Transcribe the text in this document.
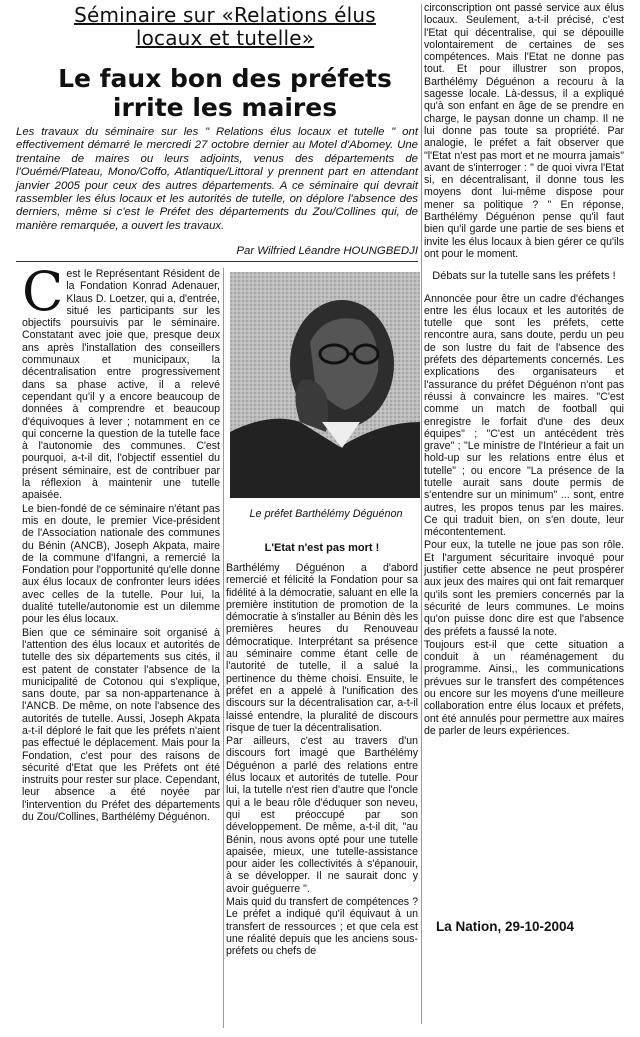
Séminaire sur «Relations élus
locaux et tutelle»
Le faux bon des préfets
irrite les maires

Les travaux du séminaire sur les " Relations élus locaux et tutelle " ont effectivement démarré le mercredi 27 octobre dernier au Motel d'Abomey. Une trentaine de maires ou leurs adjoints, venus des départements de l'Ouémé/Plateau, Mono/Coffo, Atlantique/Littoral y prennent part en attendant janvier 2005 pour ceux des autres départements. A ce séminaire qui devrait rassembler les élus locaux et les autorités de tutelle, on déplore l'absence des derniers, même si c'est le Préfet des départements du Zou/Collines qui, de manière remarquée, a ouvert les travaux.

Par Wilfried Léandre HOUNGBEDJI

Cest le Représentant Résident de la Fondation Konrad Adenauer, Klaus D. Loetzer, qui a, d'entrée, situé les participants sur les objectifs poursuivis par le séminaire. Constatant avec joie que, presque deux ans après l'installation des conseillers communaux et municipaux, la décentralisation entre progressivement dans sa phase active, il a relevé cependant qu'il y a encore beaucoup de données à comprendre et beaucoup d'équivoques à lever ; notamment en ce qui concerne la question de la tutelle face à l'autonomie des communes. C'est pourquoi, a-t-il dit, l'objectif essentiel du présent séminaire, est de contribuer par la réflexion à maintenir une tutelle apaisée.

Le bien-fondé de ce séminaire n'étant pas mis en doute, le premier Vice-président de l'Association nationale des communes du Bénin (ANCB), Joseph Akpata, maire de la commune d'Ifangni, a remercié la Fondation pour l'opportunité qu'elle donne aux élus locaux de confronter leurs idées avec celles de la tutelle. Pour lui, la dualité tutelle/autonomie est un dilemme pour les élus locaux.

Bien que ce séminaire soit organisé à l'attention des élus locaux et autorités de tutelle des six départements sus cités, il est patent de constater l'absence de la municipalité de Cotonou qui s'explique, sans doute, par sa non-appartenance à l'ANCB. De même, on note l'absence des autorités de tutelle. Aussi, Joseph Akpata a-t-il déploré le fait que les préfets n'aient pas effectué le déplacement. Mais pour la Fondation, c'est pour des raisons de sécurité d'Etat que les Préfets ont été instruits pour rester sur place. Cependant, leur absence a été noyée par l'intervention du Préfet des départements du Zou/Collines, Barthélémy Déguénon.

Le préfet Barthélémy Déguénon
L'Etat n'est pas mort !

Barthélémy Déguénon a d'abord remercié et félicité la Fondation pour sa fidélité à la démocratie, saluant en elle la première institution de promotion de la démocratie à s'installer au Bénin dès les premières heures du Renouveau démocratique. Interprétant sa présence au séminaire comme étant celle de l'autorité de tutelle, il a salué la pertinence du thème choisi. Ensuite, le préfet en a appelé à l'unification des discours sur la décentralisation car, a-t-il laissé entendre, la pluralité de discours risque de tuer la décentralisation.

Par ailleurs, c'est au travers d'un discours fort imagé que Barthélémy Déguénon a parlé des relations entre élus locaux et autorités de tutelle. Pour lui, la tutelle n'est rien d'autre que l'oncle qui a le beau rôle d'éduquer son neveu, qui est préoccupé par son développement. De même, a-t-il dit, "au Bénin, nous avons opté pour une tutelle apaisée, mieux, une tutelle-assistance pour aider les collectivités à s'épanouir, à se développer. Il ne saurait donc y avoir guéguerre ".

Mais quid du transfert de compétences ? Le préfet a indiqué qu'il équivaut à un transfert de ressources ; et que cela est une réalité depuis que les anciens sous-préfets ou chefs de

circonscription ont passé service aux élus locaux. Seulement, a-t-il précisé, c'est l'Etat qui décentralise, qui se dépouille volontairement de certaines de ses compétences. Mais l'Etat ne donne pas tout. Et pour illustrer son propos, Barthélémy Déguénon a recouru à la sagesse locale. Là-dessus, il a expliqué qu'à son enfant en âge de se prendre en charge, le paysan donne un champ. Il ne lui donne pas toute sa propriété. Par analogie, le préfet a fait observer que "l'Etat n'est pas mort et ne mourra jamais" avant de s'interroger : " de quoi vivra l'Etat si, en décentralisant, il donne tous les moyens dont lui-même dispose pour mener sa politique ? " En réponse, Barthélémy Déguénon pense qu'il faut bien qu'il garde une partie de ses biens et invite les élus locaux à bien gérer ce qu'ils ont pour le moment.

Débats sur la tutelle sans les préfets !

Annoncée pour être un cadre d'échanges entre les élus locaux et les autorités de tutelle que sont les préfets, cette rencontre aura, sans doute, perdu un peu de son lustre du fait de l'absence des préfets des départements concernés. Les explications des organisateurs et l'assurance du préfet Déguénon n'ont pas réussi à convaincre les maires. "C'est comme un match de football qui enregistre le forfait d'une des deux équipes" ; "C'est un antécédent très grave" ; "Le ministre de l'Intérieur a fait un hold-up sur les relations entre élus et tutelle" ; ou encore "La présence de la tutelle aurait sans doute permis de s'entendre sur un minimum" ... sont, entre autres, les propos tenus par les maires. Ce qui traduit bien, on s'en doute, leur mécontentement.

Pour eux, la tutelle ne joue pas son rôle. Et l'argument sécuritaire invoqué pour justifier cette absence ne peut prospérer aux jeux des maires qui ont fait remarquer qu'ils sont les premiers concernés par la sécurité de leurs communes. Le moins qu'on puisse donc dire est que l'absence des préfets a faussé la note.

Toujours est-il que cette situation a conduit à un réaménagement du programme. Ainsi,, les communications prévues sur le transfert des compétences ou encore sur les moyens d'une meilleure collaboration entre élus locaux et préfets, ont été annulés pour permettre aux maires de parler de leurs expériences.

La Nation, 29-10-2004
